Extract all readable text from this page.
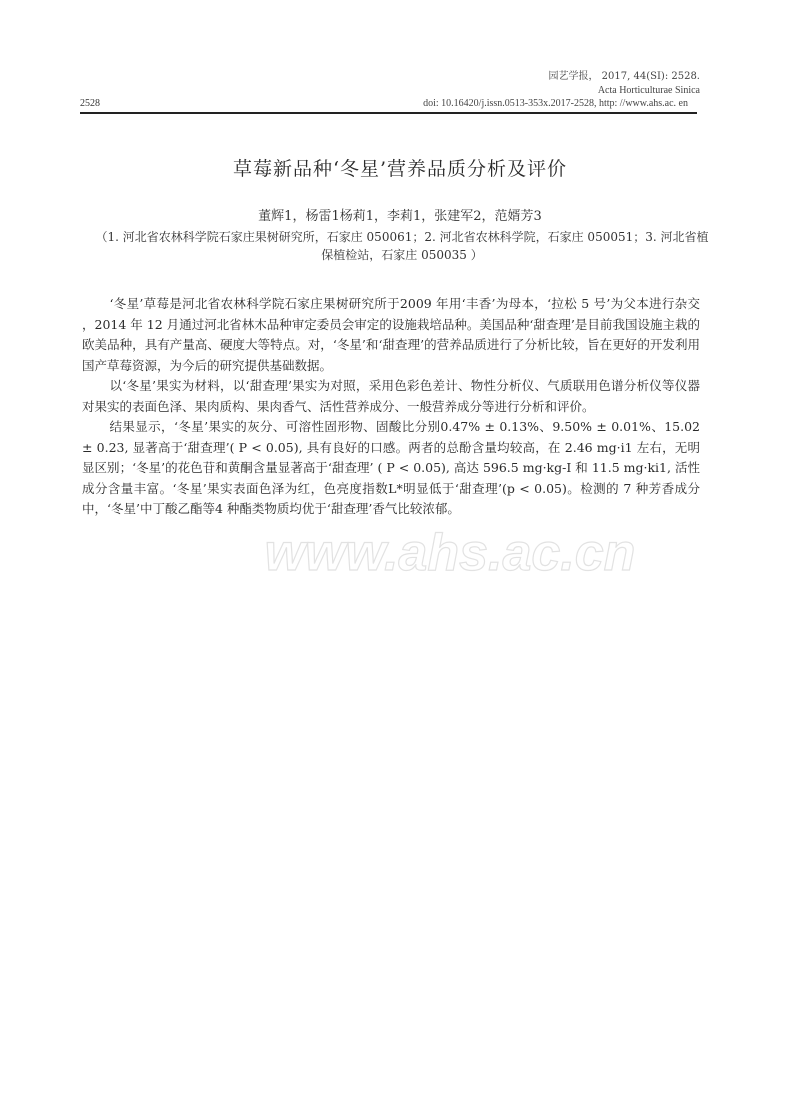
园艺学报， 2017, 44(SI): 2528.
Acta Horticulturae Sinica
2528	doi: 10.16420/j.issn.0513-353x.2017-2528, http: //www.ahs.ac. en
草莓新品种‘冬星’营养品质分析及评价
董辉1，杨雷1杨莉1，李莉1，张建军2，范婿芳3
（1. 河北省农林科学院石家庄果树研究所，石家庄 050061；2. 河北省农林科学院，石家庄 050051；3. 河北省植保植检站，石家庄 050035 ）

‘冬星’草莓是河北省农林科学院石家庄果树研究所于2009 年用‘丰香’为母本，‘拉松 5 号’为父本进行杂交 ，2014 年 12 月通过河北省林木品种审定委员会审定的设施栽培品种。美国品种‘甜查理’是目前我国设施主栽的欧美品种，具有产量高、硬度大等特点。对，‘冬星’和‘甜查理’的营养品质进行了分析比较，旨在更好的开发利用国产草莓资源，为今后的研究提供基础数据。

以‘冬星’果实为材料，以‘甜查理’果实为对照，采用色彩色差计、物性分析仪、气质联用色谱分析仪等仪器对果实的表面色泽、果肉质构、果肉香气、活性营养成分、一般营养成分等进行分析和评价。

结果显示，‘冬星’果实的灰分、可溶性固形物、固酸比分别0.47% ± 0.13%、9.50% ± 0.01%、15.02 ± 0.23, 显著高于‘甜查理’( P < 0.05), 具有良好的口感。两者的总酚含量均较高，在 2.46 mg·i1 左右，无明显区别；‘冬星’的花色苷和黄酮含量显著高于‘甜查理’ ( P < 0.05), 高达 596.5 mg·kg-I 和 11.5 mg·ki1, 活性成分含量丰富。‘冬星’果实表面色泽为红，色亮度指数L*明显低于‘甜查理’(p < 0.05)。检测的 7 种芳香成分中，‘冬星’中丁酸乙酯等4 种酯类物质均优于‘甜查理’香气比较浓郁。

www.ahs.ac.cn
